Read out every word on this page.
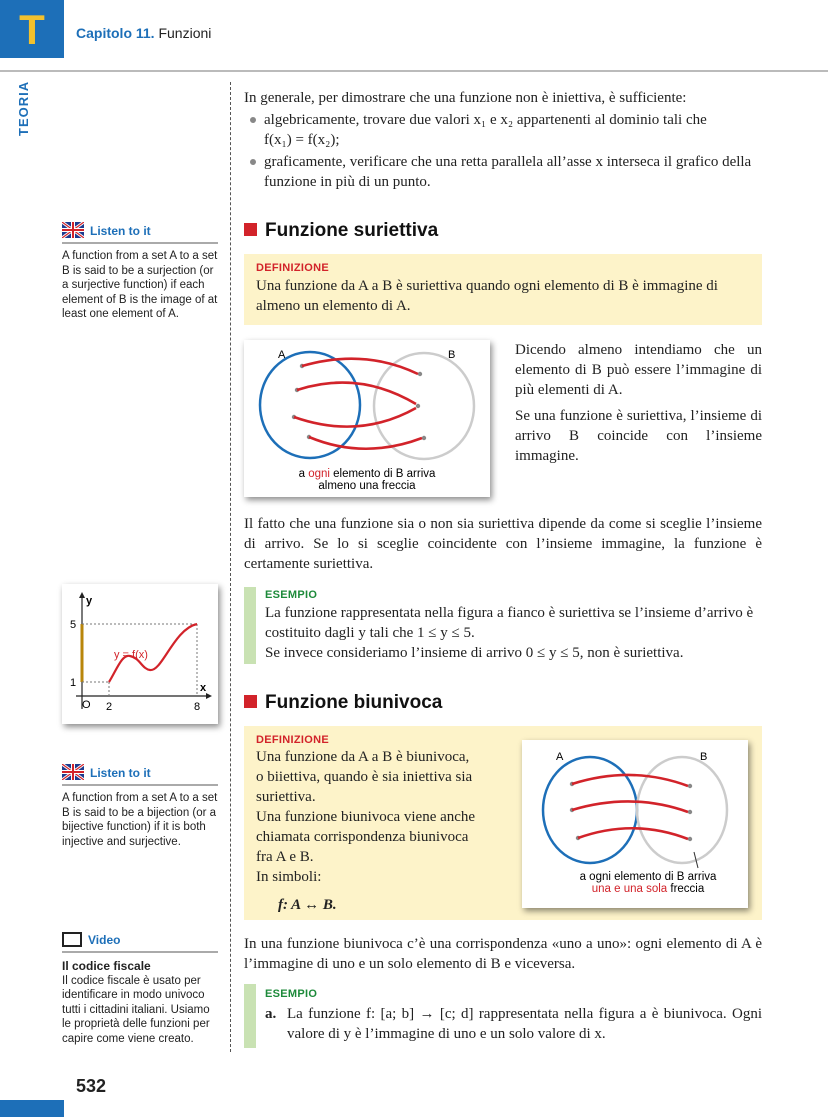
T	Capitolo 11. Funzioni
TEORIA	In generale, per dimostrare che una funzione non è iniettiva, è sufficiente:
algebricamente, trovare due valori x₁ e x₂ appartenenti al dominio tali che
f(x₁) = f(x₂);
graficamente, verificare che una retta parallela all’asse x interseca il grafico della funzione in più di un punto.
Funzione suriettiva
DEFINIZIONE
Una funzione da A a B è suriettiva quando ogni elemento di B è immagine di almeno un elemento di A.
A	B
a ogni elemento di B arriva
almeno una freccia
Dicendo almeno intendiamo che un elemento di B può essere l’immagine di più elementi di A.
Se una funzione è suriettiva, l’insieme di arrivo B coincide con l’insieme immagine.
Il fatto che una funzione sia o non sia suriettiva dipende da come si sceglie l’insieme di arrivo. Se lo si sceglie coincidente con l’insieme immagine, la funzione è certamente suriettiva.
ESEMPIO
La funzione rappresentata nella figura a fianco è suriettiva se l’insieme d’arrivo è costituito dagli y tali che 1 ≤ y ≤ 5.
Se invece consideriamo l’insieme di arrivo 0 ≤ y ≤ 5, non è suriettiva.
Funzione biunivoca
DEFINIZIONE
Una funzione da A a B è biunivoca,
o biiettiva, quando è sia iniettiva sia
suriettiva.
Una funzione biunivoca viene anche
chiamata corrispondenza biunivoca
fra A e B.
In simboli:
f: A ↔ B.
A	B
a ogni elemento di B arriva
una e una sola freccia
In una funzione biunivoca c’è una corrispondenza «uno a uno»: ogni elemento di A è l’immagine di uno e un solo elemento di B e viceversa.
ESEMPIO
a. La funzione f: [a; b] → [c; d] rappresentata nella figura a è biunivoca. Ogni valore di y è l’immagine di uno e un solo valore di x.
Listen to it
A function from a set A to a set B is said to be a surjection (or a surjective function) if each element of B is the image of at least one element of A.
y
x
O
5
1
2	8
y = f(x)
Listen to it
A function from a set A to a set B is said to be a bijection (or a bijective function) if it is both injective and surjective.
Video
Il codice fiscale
Il codice fiscale è usato per identificare in modo univoco tutti i cittadini italiani. Usiamo le proprietà delle funzioni per capire come viene creato.
532
